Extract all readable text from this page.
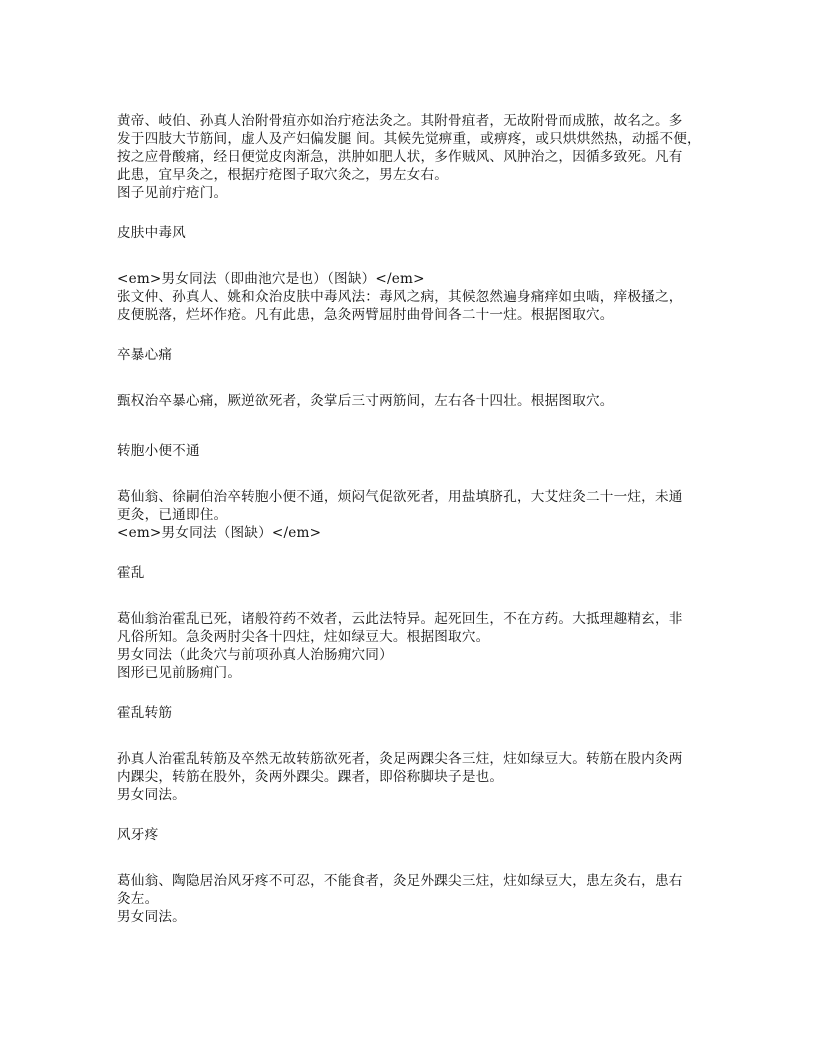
黄帝、岐伯、孙真人治附骨疽亦如治疔疮法灸之。其附骨疽者，无故附骨而成脓，故名之。多
发于四肢大节筋间，虚人及产妇偏发腿 间。其候先觉痹重，或痹疼，或只烘烘然热，动摇不便，
按之应骨酸痛，经日便觉皮肉渐急，洪肿如肥人状，多作贼风、风肿治之，因循多致死。凡有
此患，宜早灸之，根据疔疮图子取穴灸之，男左女右。
图子见前疔疮门。
皮肤中毒风
<em>男女同法（即曲池穴是也）（图缺）</em>
张文仲、孙真人、姚和众治皮肤中毒风法：毒风之病，其候忽然遍身痛痒如虫啮，痒极搔之，
皮便脱落，烂坏作疮。凡有此患，急灸两臂屈肘曲骨间各二十一炷。根据图取穴。
卒暴心痛
甄权治卒暴心痛，厥逆欲死者，灸掌后三寸两筋间，左右各十四壮。根据图取穴。
转胞小便不通
葛仙翁、徐嗣伯治卒转胞小便不通，烦闷气促欲死者，用盐填脐孔，大艾炷灸二十一炷，未通
更灸，已通即住。
<em>男女同法（图缺）</em>
霍乱
葛仙翁治霍乱已死，诸般符药不效者，云此法特异。起死回生，不在方药。大抵理趣精玄，非
凡俗所知。急灸两肘尖各十四炷，炷如绿豆大。根据图取穴。
男女同法（此灸穴与前项孙真人治肠痈穴同）
图形已见前肠痈门。
霍乱转筋
孙真人治霍乱转筋及卒然无故转筋欲死者，灸足两踝尖各三炷，炷如绿豆大。转筋在股内灸两
内踝尖，转筋在股外，灸两外踝尖。踝者，即俗称脚块子是也。
男女同法。
风牙疼
葛仙翁、陶隐居治风牙疼不可忍，不能食者，灸足外踝尖三炷，炷如绿豆大，患左灸右，患右
灸左。
男女同法。
